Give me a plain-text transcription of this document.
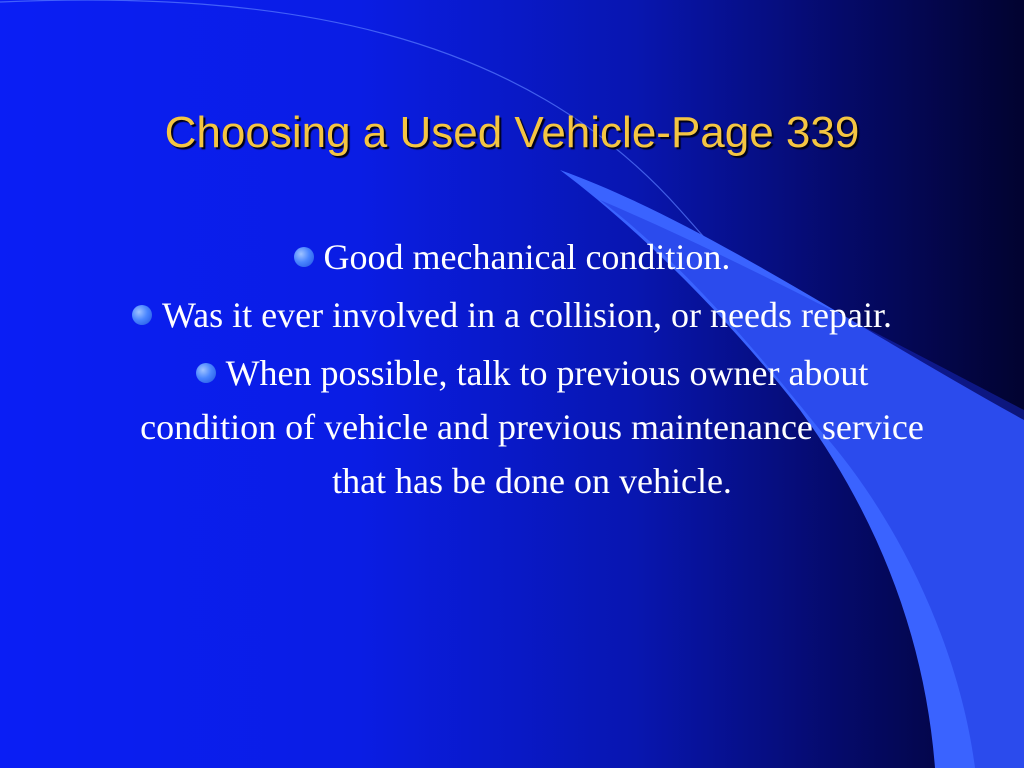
Choosing a Used Vehicle-Page 339
Good mechanical condition.
Was it ever involved in a collision, or needs repair.
When possible, talk to previous owner about condition of vehicle and previous maintenance service that has be done on vehicle.
